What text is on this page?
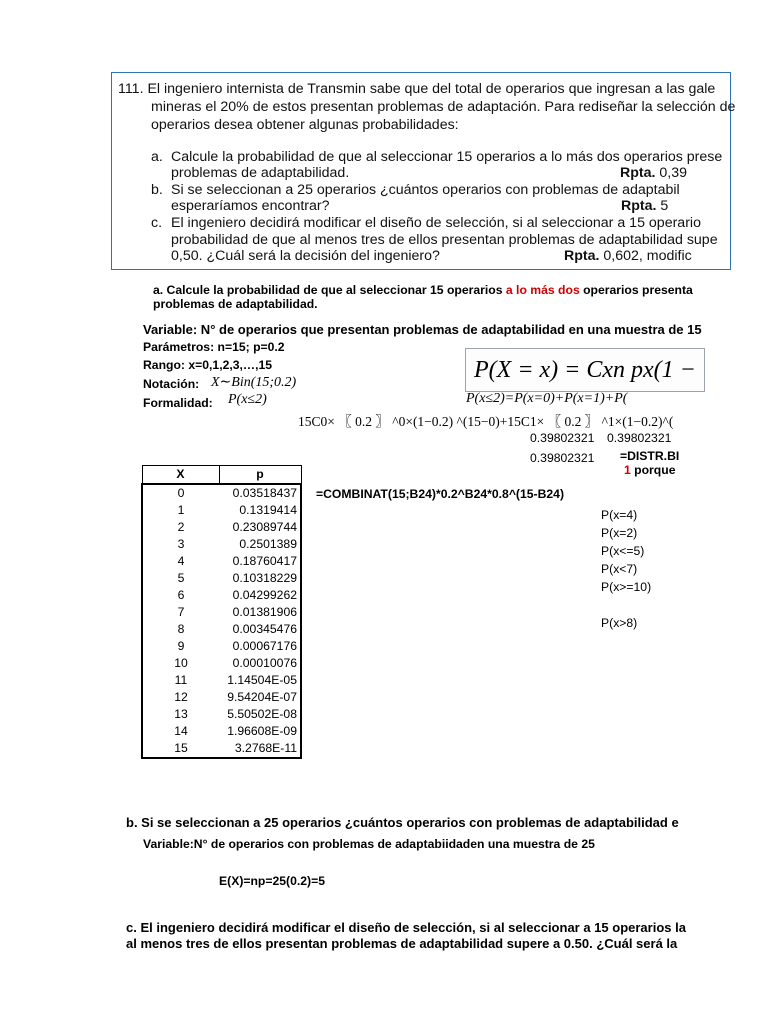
111. El ingeniero internista de Transmin sabe que del total de operarios que ingresan a las gale
mineras el 20% de estos presentan problemas de adaptación. Para rediseñar la selección de
operarios desea obtener algunas probabilidades:
a. Calcule la probabilidad de que al seleccionar 15 operarios a lo más dos operarios prese
problemas de adaptabilidad.	Rpta. 0,39
b. Si se seleccionan a 25 operarios ¿cuántos operarios con problemas de adaptabil
esperaríamos encontrar?	Rpta. 5
c. El ingeniero decidirá modificar el diseño de selección, si al seleccionar a 15 operario
probabilidad de que al menos tres de ellos presentan problemas de adaptabilidad supe
0,50. ¿Cuál será la decisión del ingeniero?	Rpta. 0,602, modific
a. Calcule la probabilidad de que al seleccionar 15 operarios a lo más dos operarios presenta
problemas de adaptabilidad.
Variable: N° de operarios que presentan problemas de adaptabilidad en una muestra de 15
Parámetros: n=15; p=0.2
Rango: x=0,1,2,3,…,15
Notación: X∼Bin(15;0.2)
Formalidad: P(x≤2)
P(X = x) = Cxn px(1 −
P(x≤2)=P(x=0)+P(x=1)+P(
15C0× 〖 0.2 〗 ^0×(1−0.2) ^(15−0)+15C1× 〖 0.2 〗 ^1×(1−0.2)^(
0.39802321 0.39802321
0.39802321 =DISTR.BI
1 porque
=COMBINAT(15;B24)*0.2^B24*0.8^(15-B24)
X	p
0	0.03518437
1	0.1319414
2	0.23089744
3	0.2501389
4	0.18760417
5	0.10318229
6	0.04299262
7	0.01381906
8	0.00345476
9	0.00067176
10	0.00010076
11	1.14504E-05
12	9.54204E-07
13	5.50502E-08
14	1.96608E-09
15	3.2768E-11
P(x=4)
P(x=2)
P(x<=5)
P(x<7)
P(x>=10)
P(x>8)
b. Si se seleccionan a 25 operarios ¿cuántos operarios con problemas de adaptabilidad e
Variable:N° de operarios con problemas de adaptabiidaden una muestra de 25
E(X)=np=25(0.2)=5
c. El ingeniero decidirá modificar el diseño de selección, si al seleccionar a 15 operarios la
al menos tres de ellos presentan problemas de adaptabilidad supere a 0.50. ¿Cuál será la
